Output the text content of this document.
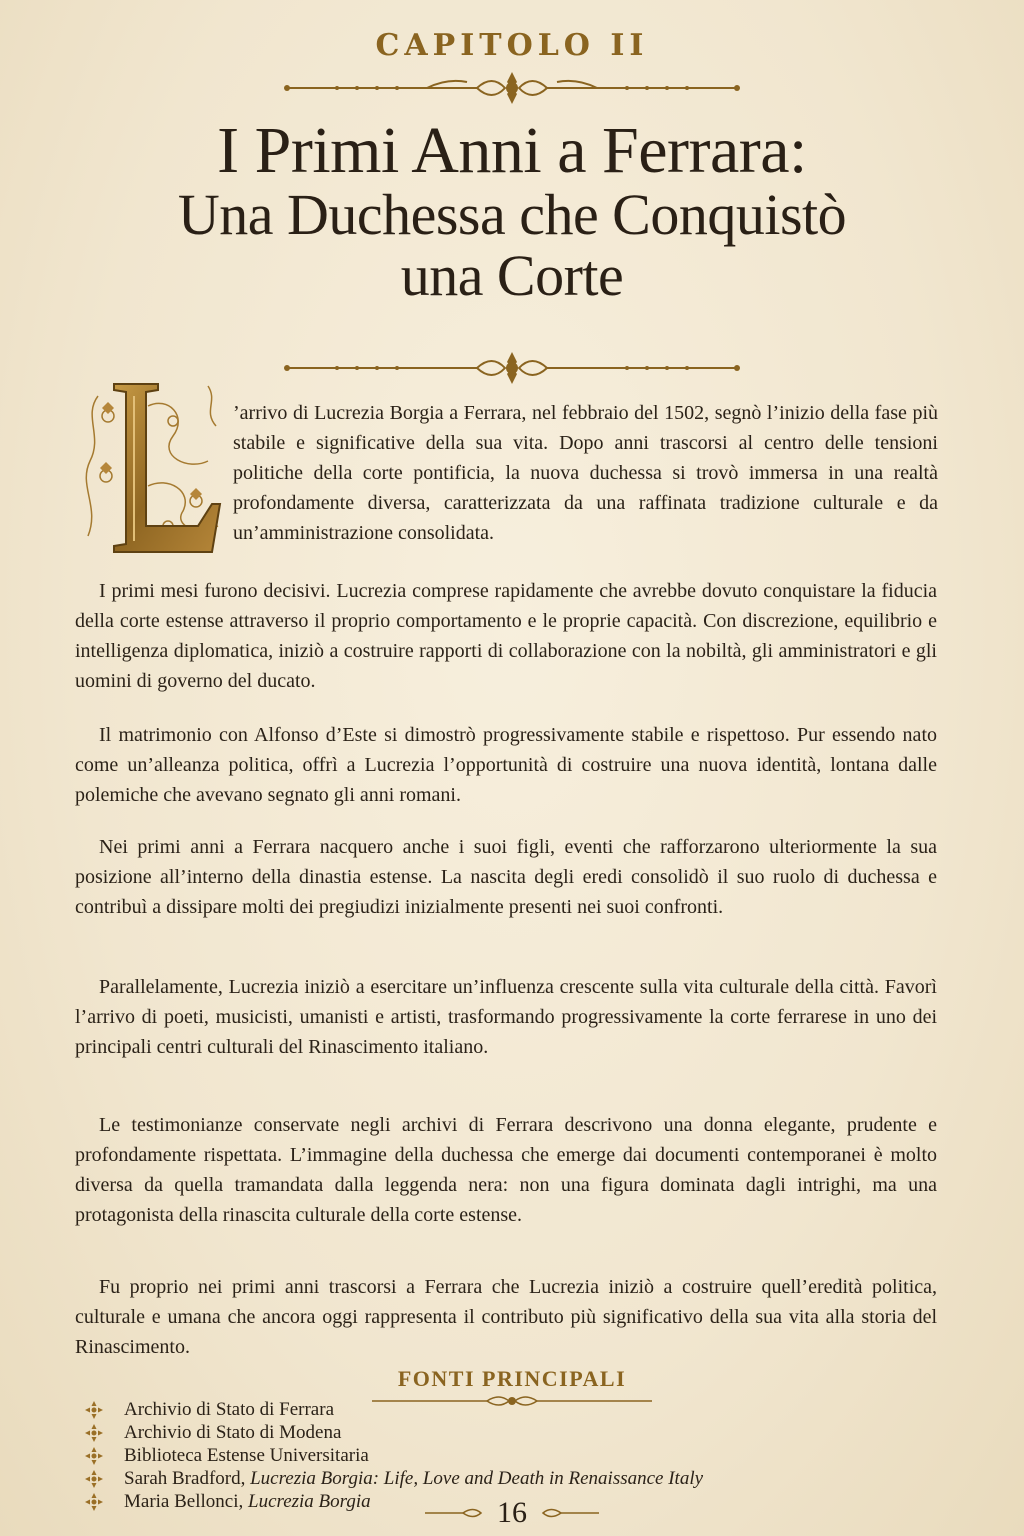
CAPITOLO II
I Primi Anni a Ferrara:
Una Duchessa che Conquistò
una Corte

’arrivo di Lucrezia Borgia a Ferrara, nel febbraio del 1502, segnò l’inizio della fase più stabile e significative della sua vita. Dopo anni trascorsi al centro delle tensioni politiche della corte pontificia, la nuova duchessa si trovò immersa in una realtà profondamente diversa, caratterizzata da una raffinata tradizione culturale e da un’amministrazione consolidata.

I primi mesi furono decisivi. Lucrezia comprese rapidamente che avrebbe dovuto conquistare la fiducia della corte estense attraverso il proprio comportamento e le proprie capacità. Con discrezione, equilibrio e intelligenza diplomatica, iniziò a costruire rapporti di collaborazione con la nobiltà, gli amministratori e gli uomini di governo del ducato.

Il matrimonio con Alfonso d’Este si dimostrò progressivamente stabile e rispettoso. Pur essendo nato come un’alleanza politica, offrì a Lucrezia l’opportunità di costruire una nuova identità, lontana dalle polemiche che avevano segnato gli anni romani.

Nei primi anni a Ferrara nacquero anche i suoi figli, eventi che rafforzarono ulteriormente la sua posizione all’interno della dinastia estense. La nascita degli eredi consolidò il suo ruolo di duchessa e contribuì a dissipare molti dei pregiudizi inizialmente presenti nei suoi confronti.

Parallelamente, Lucrezia iniziò a esercitare un’influenza crescente sulla vita culturale della città. Favorì l’arrivo di poeti, musicisti, umanisti e artisti, trasformando progressivamente la corte ferrarese in uno dei principali centri culturali del Rinascimento italiano.

Le testimonianze conservate negli archivi di Ferrara descrivono una donna elegante, prudente e profondamente rispettata. L’immagine della duchessa che emerge dai documenti contemporanei è molto diversa da quella tramandata dalla leggenda nera: non una figura dominata dagli intrighi, ma una protagonista della rinascita culturale della corte estense.

Fu proprio nei primi anni trascorsi a Ferrara che Lucrezia iniziò a costruire quell’eredità politica, culturale e umana che ancora oggi rappresenta il contributo più significativo della sua vita alla storia del Rinascimento.

FONTI PRINCIPALI
Archivio di Stato di Ferrara
Archivio di Stato di Modena
Biblioteca Estense Universitaria
Sarah Bradford, Lucrezia Borgia: Life, Love and Death in Renaissance Italy
Maria Bellonci, Lucrezia Borgia	16
